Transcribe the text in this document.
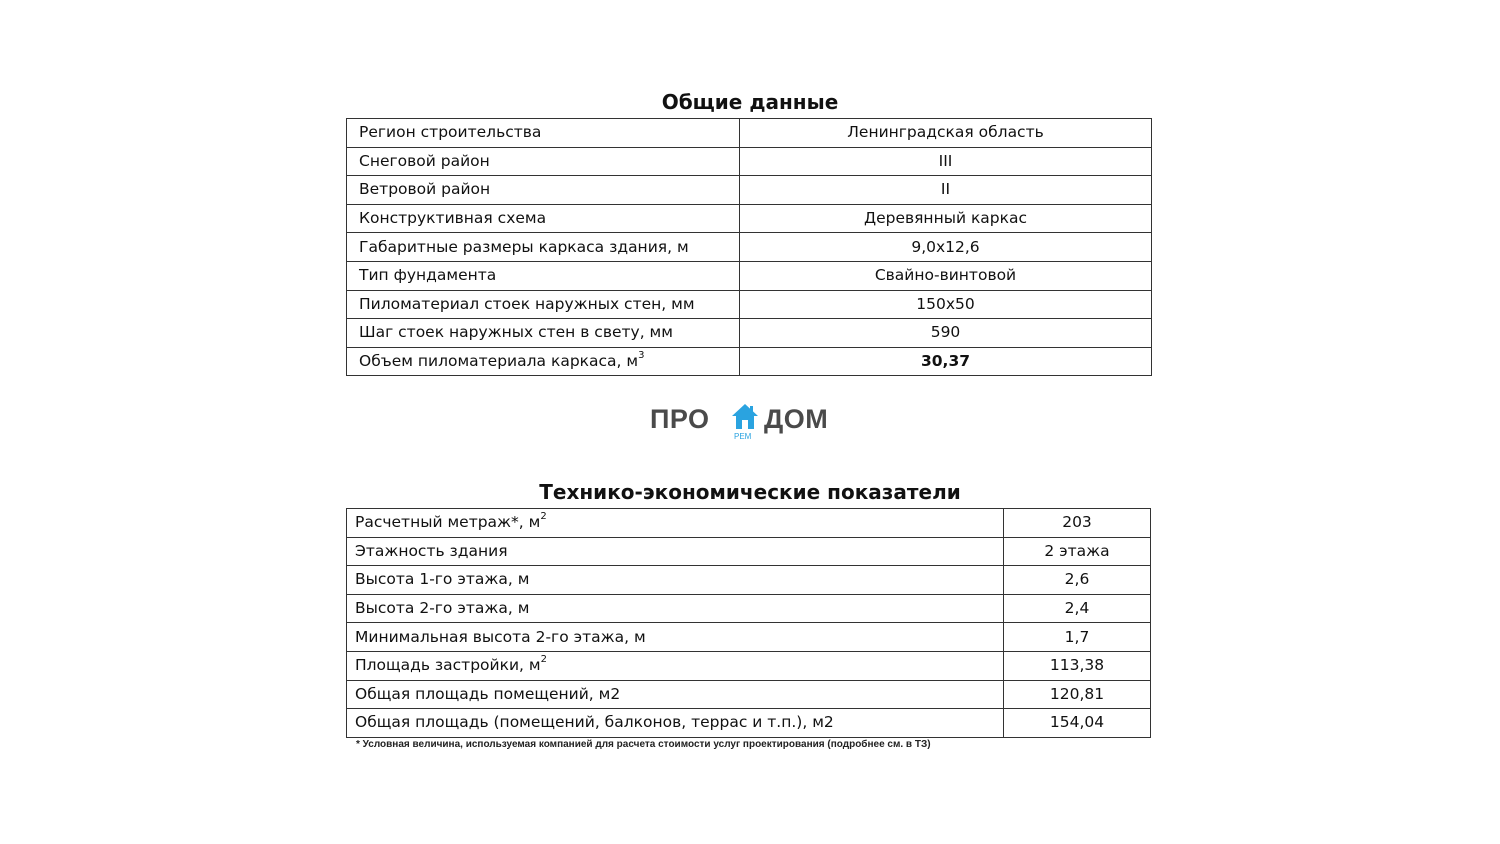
Общие данные
Регион строительства	Ленинградская область
Снеговой район	III
Ветровой район	II
Конструктивная схема	Деревянный каркас
Габаритные размеры каркаса здания, м	9,0х12,6
Тип фундамента	Свайно-винтовой
Пиломатериал стоек наружных стен, мм	150х50
Шаг стоек наружных стен в свету, мм	590
Объем пиломатериала каркаса, $м^3$	30,37
ПРО
РЕМ
ДОМ
Технико-экономические показатели
Расчетный метраж*, $м^2$	203
Этажность здания	2 этажа
Высота 1-го этажа, м	2,6
Высота 2-го этажа, м	2,4
Минимальная высота 2-го этажа, м	1,7
Площадь застройки, $м^2$	113,38
Общая площадь помещений, м2	120,81
Общая площадь (помещений, балконов, террас и т.п.), м2	154,04
* Условная величина, используемая компанией для расчета стоимости услуг проектирования (подробнее см. в ТЗ)
